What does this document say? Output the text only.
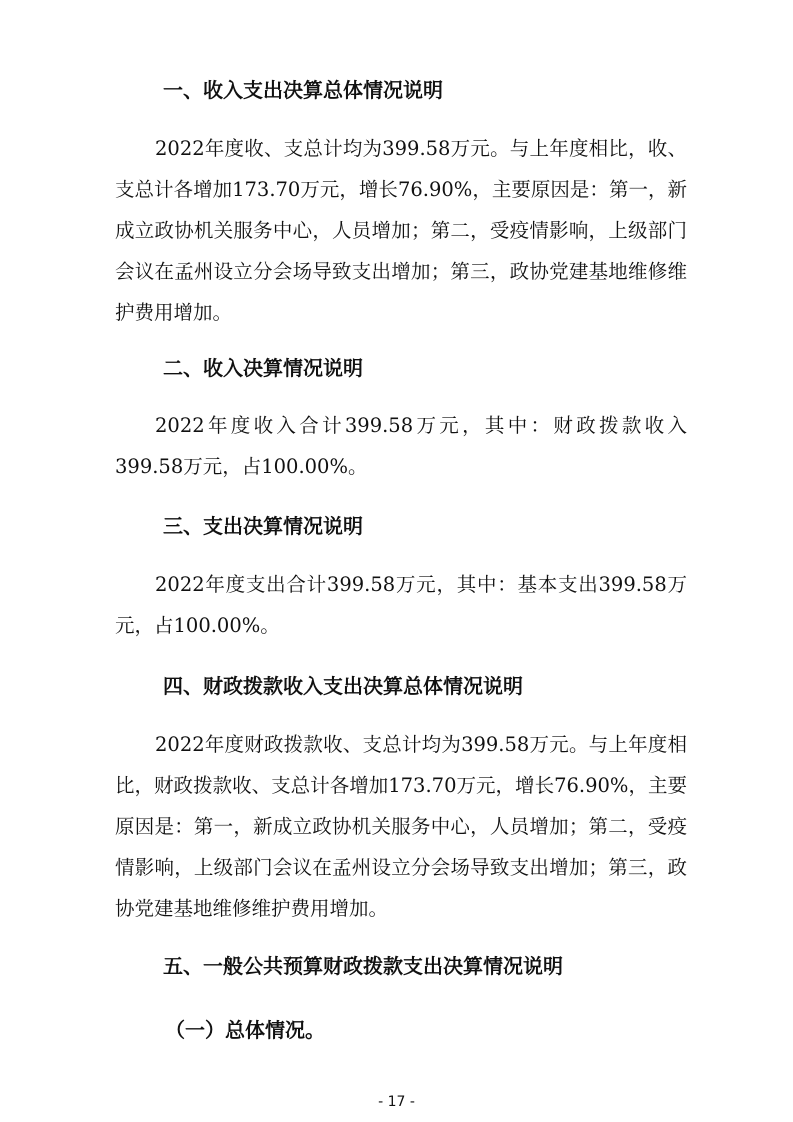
一、收入支出决算总体情况说明

2022年度收、支总计均为399.58万元。与上年度相比，收、支总计各增加173.70万元，增长76.90%，主要原因是：第一，新成立政协机关服务中心，人员增加；第二，受疫情影响，上级部门会议在孟州设立分会场导致支出增加；第三，政协党建基地维修维护费用增加。

二、收入决算情况说明

2022年度收入合计399.58万元，其中：财政拨款收入399.58万元，占100.00%。

三、支出决算情况说明

2022年度支出合计399.58万元，其中：基本支出399.58万元，占100.00%。

四、财政拨款收入支出决算总体情况说明

2022年度财政拨款收、支总计均为399.58万元。与上年度相比，财政拨款收、支总计各增加173.70万元，增长76.90%，主要原因是：第一，新成立政协机关服务中心，人员增加；第二，受疫情影响，上级部门会议在孟州设立分会场导致支出增加；第三，政协党建基地维修维护费用增加。

五、一般公共预算财政拨款支出决算情况说明
（一）总体情况。
- 17 -
